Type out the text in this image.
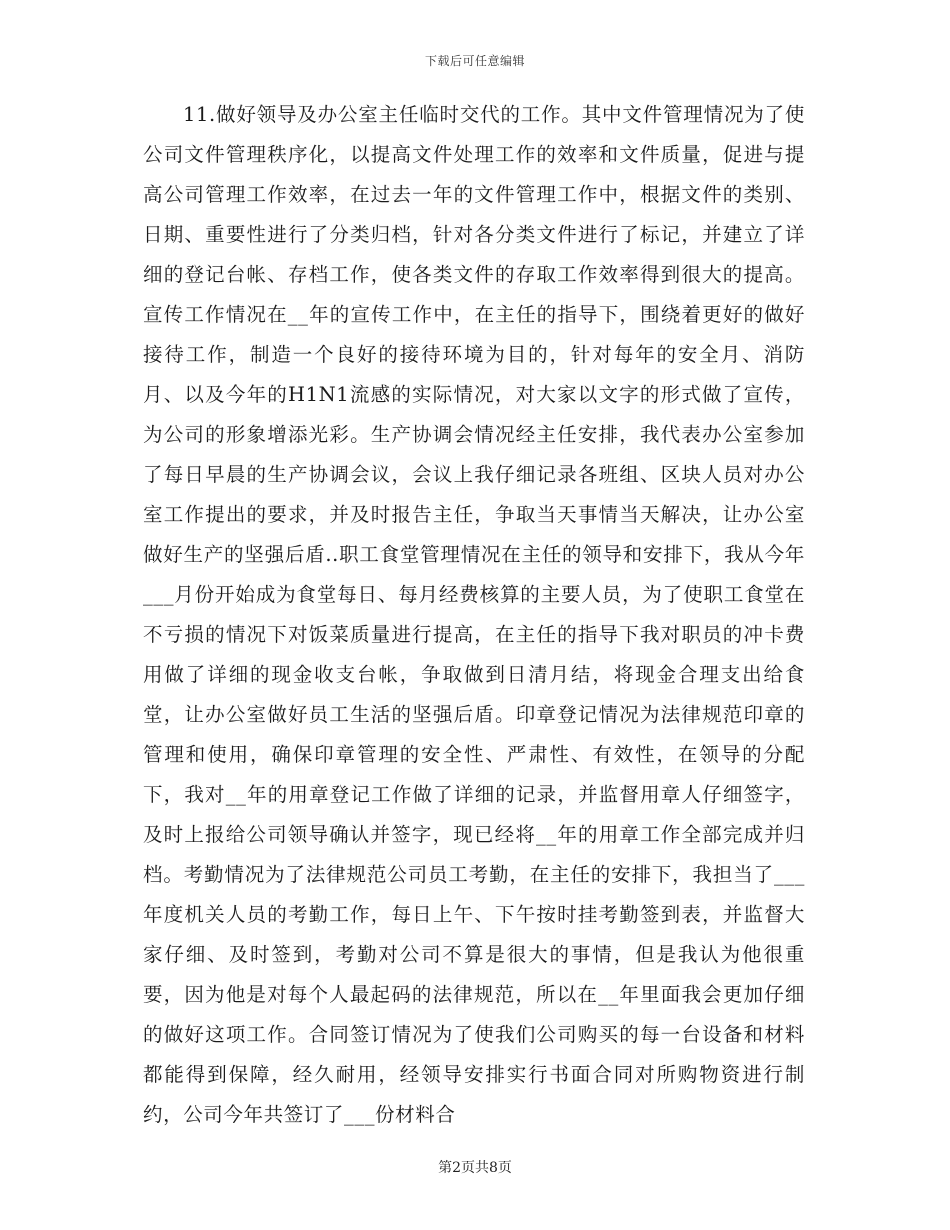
下载后可任意编辑

11.做好领导及办公室主任临时交代的工作。其中文件管理情况为了使公司文件管理秩序化，以提高文件处理工作的效率和文件质量，促进与提高公司管理工作效率，在过去一年的文件管理工作中，根据文件的类别、日期、重要性进行了分类归档，针对各分类文件进行了标记，并建立了详细的登记台帐、存档工作，使各类文件的存取工作效率得到很大的提高。宣传工作情况在__年的宣传工作中，在主任的指导下，围绕着更好的做好接待工作，制造一个良好的接待环境为目的，针对每年的安全月、消防月、以及今年的H1N1流感的实际情况，对大家以文字的形式做了宣传，为公司的形象增添光彩。生产协调会情况经主任安排，我代表办公室参加了每日早晨的生产协调会议，会议上我仔细记录各班组、区块人员对办公室工作提出的要求，并及时报告主任，争取当天事情当天解决，让办公室做好生产的坚强后盾..职工食堂管理情况在主任的领导和安排下，我从今年___月份开始成为食堂每日、每月经费核算的主要人员，为了使职工食堂在不亏损的情况下对饭菜质量进行提高，在主任的指导下我对职员的冲卡费用做了详细的现金收支台帐，争取做到日清月结，将现金合理支出给食堂，让办公室做好员工生活的坚强后盾。印章登记情况为法律规范印章的管理和使用，确保印章管理的安全性、严肃性、有效性，在领导的分配下，我对__年的用章登记工作做了详细的记录，并监督用章人仔细签字，及时上报给公司领导确认并签字，现已经将__年的用章工作全部完成并归档。考勤情况为了法律规范公司员工考勤，在主任的安排下，我担当了___年度机关人员的考勤工作，每日上午、下午按时挂考勤签到表，并监督大家仔细、及时签到，考勤对公司不算是很大的事情，但是我认为他很重要，因为他是对每个人最起码的法律规范，所以在__年里面我会更加仔细的做好这项工作。合同签订情况为了使我们公司购买的每一台设备和材料都能得到保障，经久耐用，经领导安排实行书面合同对所购物资进行制约，公司今年共签订了___份材料合

第2页共8页
